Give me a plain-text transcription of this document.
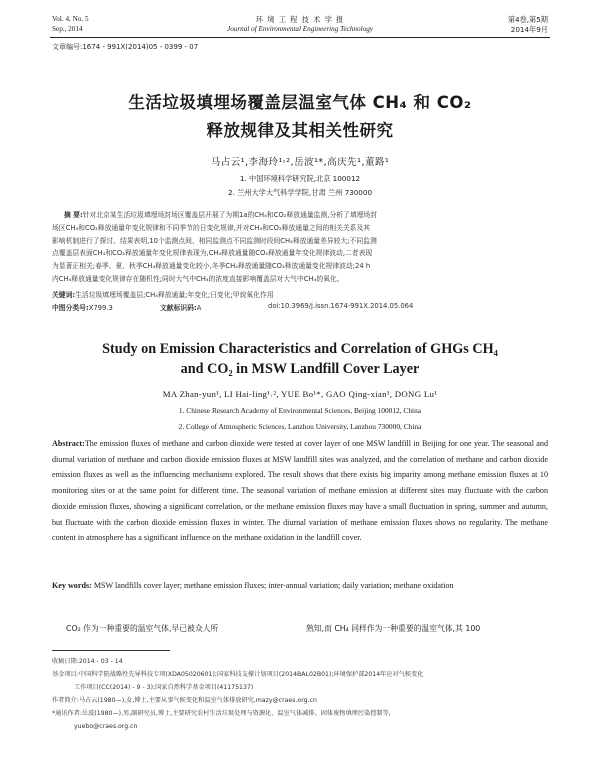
Vol. 4, No. 5
Sep., 2014
环 境 工 程 技 术 学 报
Journal of Environmental Engineering Technology
第4卷,第5期
2014年9月
文章编号:1674 - 991X(2014)05 - 0399 - 07
生活垃圾填埋场覆盖层温室气体 CH₄ 和 CO₂
释放规律及其相关性研究
马占云¹,李海玲¹˒²,岳波¹*,高庆先¹,董路¹
1. 中国环境科学研究院,北京 100012
2. 兰州大学大气科学学院,甘肃 兰州 730000
摘 要:针对北京某生活垃圾填埋场封场区覆盖层开展了为期1a的CH₄和CO₂释放通量监测,分析了填埋场封
场区CH₄和CO₂释放通量年变化规律和不同季节的日变化规律,并对CH₄和CO₂释放通量之间的相关关系及其
影响机制进行了探讨。结果表明,10个监测点间、相同监测点不同监测时段间CH₄释放通量差异较大;不同监测
点覆盖层表面CH₄和CO₂释放通量年变化规律表现为,CH₄释放通量随CO₂释放通量年变化规律波动,二者表现
为显著正相关;春季、夏、秋季CH₄释放通量变化较小,冬季CH₄释放通量随CO₂释放通量变化规律波动;24 h
内CH₄释放通量变化规律存在随机性;同时大气中CH₄的浓度直接影响覆盖层对大气中CH₄的氧化。
关键词:生活垃圾填埋场覆盖层;CH₄释放通量;年变化;日变化;甲烷氧化作用
中图分类号:X799.3	文献标识码:A	doi:10.3969/j.issn.1674-991X.2014.05.064
Study on Emission Characteristics and Correlation of GHGs CH₄
and CO₂ in MSW Landfill Cover Layer
MA Zhan-yun¹, LI Hai-ling¹˒², YUE Bo¹*, GAO Qing-xian¹, DONG Lu¹
1. Chinese Research Academy of Environmental Sciences, Beijing 100012, China
2. College of Atmospheric Sciences, Lanzhou University, Lanzhou 730000, China
Abstract:The emission fluxes of methane and carbon dioxide were tested at cover layer of one MSW landfill in Beijing for one year. The seasonal and diurnal variation of methane and carbon dioxide emission fluxes at MSW landfill sites was analyzed, and the correlation of methane and carbon dioxide emission fluxes as well as the influencing mechanisms explored. The result shows that there exists big imparity among methane emission fluxes at 10 monitoring sites or at the same point for different time. The seasonal variation of methane emission at different sites may fluctuate with the carbon dioxide emission fluxes, showing a significant correlation, or the methane emission fluxes may have a small fluctuation in spring, summer and autumn, but fluctuate with the carbon dioxide emission fluxes in winter. The diurnal variation of methane emission fluxes shows no regularity. The methane content in atmosphere has a significant influence on the methane oxidation in the landfill cover.
Key words: MSW landfills cover layer; methane emission fluxes; inter-annual variation; daily variation; methane oxidation
CO₂ 作为一种重要的温室气体,早已被众人所	熟知,而 CH₄ 同样作为一种重要的温室气体,其 100
收稿日期:2014 - 03 - 14
基金项目:中国科学院战略性先导科技专项(XDA05020601);国家科技支撑计划项目(2014BAL02B01);环境保护部2014年应对气候变化
工作项目(CC(2014) - 9 - 3);国家自然科学基金项目(41175137)
作者简介:马占云(1980—),女,博士,主要从事气候变化和温室气体排放研究,mazy@craes.org.cn
*通讯作者:岳波(1980—),男,副研究员,博士,主要研究农村生活垃圾处理与资源化、温室气体减排、固体废物填埋污染控制等,
yuebo@craes.org.cn
